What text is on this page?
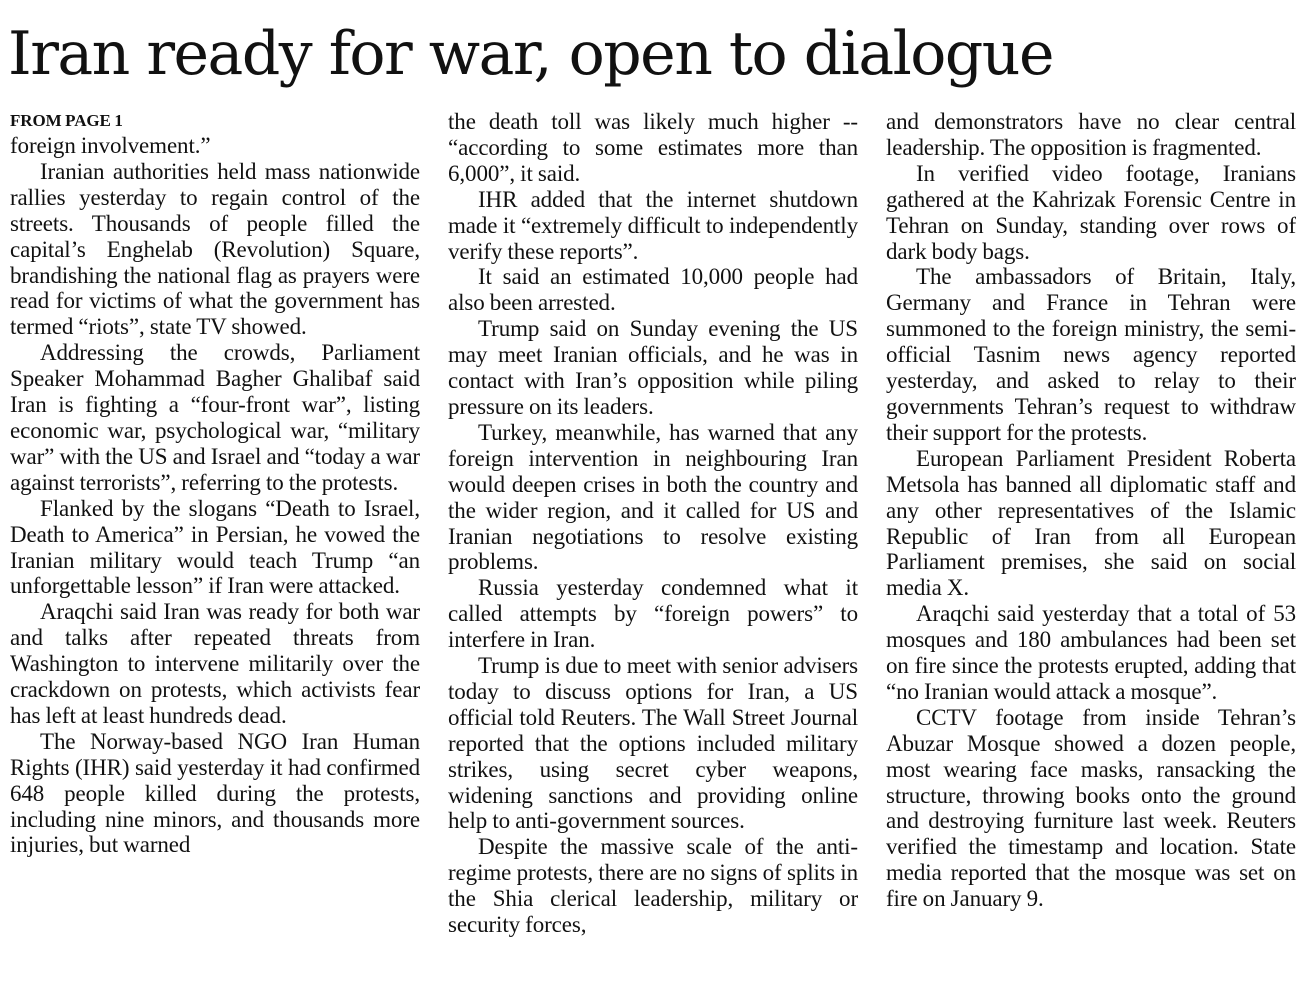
Iran ready for war, open to dialogue
FROM PAGE 1

foreign involvement.”

Iranian authorities held mass nationwide rallies yesterday to regain control of the streets. Thousands of people filled the capital’s Enghelab (Revolution) Square, brandishing the national flag as prayers were read for victims of what the government has termed “riots”, state TV showed.

Addressing the crowds, Parliament Speaker Mohammad Bagher Ghalibaf said Iran is fighting a “four-front war”, listing economic war, psychological war, “military war” with the US and Israel and “today a war against terrorists”, referring to the protests.

Flanked by the slogans “Death to Israel, Death to America” in Persian, he vowed the Iranian military would teach Trump “an unforgettable lesson” if Iran were attacked.

Araqchi said Iran was ready for both war and talks after repeated threats from Washington to intervene militarily over the crackdown on protests, which activists fear has left at least hundreds dead.

The Norway-based NGO Iran Human Rights (IHR) said yesterday it had confirmed 648 people killed during the protests, including nine minors, and thousands more injuries, but warned

the death toll was likely much higher -- “according to some estimates more than 6,000”, it said.

IHR added that the internet shutdown made it “extremely difficult to independently verify these reports”.

It said an estimated 10,000 people had also been arrested.

Trump said on Sunday evening the US may meet Iranian officials, and he was in contact with Iran’s opposition while piling pressure on its leaders.

Turkey, meanwhile, has warned that any foreign intervention in neighbouring Iran would deepen crises in both the country and the wider region, and it called for US and Iranian negotiations to resolve existing problems.

Russia yesterday condemned what it called attempts by “foreign powers” to interfere in Iran.

Trump is due to meet with senior advisers today to discuss options for Iran, a US official told Reuters. The Wall Street Journal reported that the options included military strikes, using secret cyber weapons, widening sanctions and providing online help to anti-government sources.

Despite the massive scale of the anti-regime protests, there are no signs of splits in the Shia clerical leadership, military or security forces,

and demonstrators have no clear central leadership. The opposition is fragmented.

In verified video footage, Iranians gathered at the Kahrizak Forensic Centre in Tehran on Sunday, standing over rows of dark body bags.

The ambassadors of Britain, Italy, Germany and France in Tehran were summoned to the foreign ministry, the semi-official Tasnim news agency reported yesterday, and asked to relay to their governments Tehran’s request to withdraw their support for the protests.

European Parliament President Roberta Metsola has banned all diplomatic staff and any other representatives of the Islamic Republic of Iran from all European Parliament premises, she said on social media X.

Araqchi said yesterday that a total of 53 mosques and 180 ambulances had been set on fire since the protests erupted, adding that “no Iranian would attack a mosque”.

CCTV footage from inside Tehran’s Abuzar Mosque showed a dozen people, most wearing face masks, ransacking the structure, throwing books onto the ground and destroying furniture last week. Reuters verified the timestamp and location. State media reported that the mosque was set on fire on January 9.
